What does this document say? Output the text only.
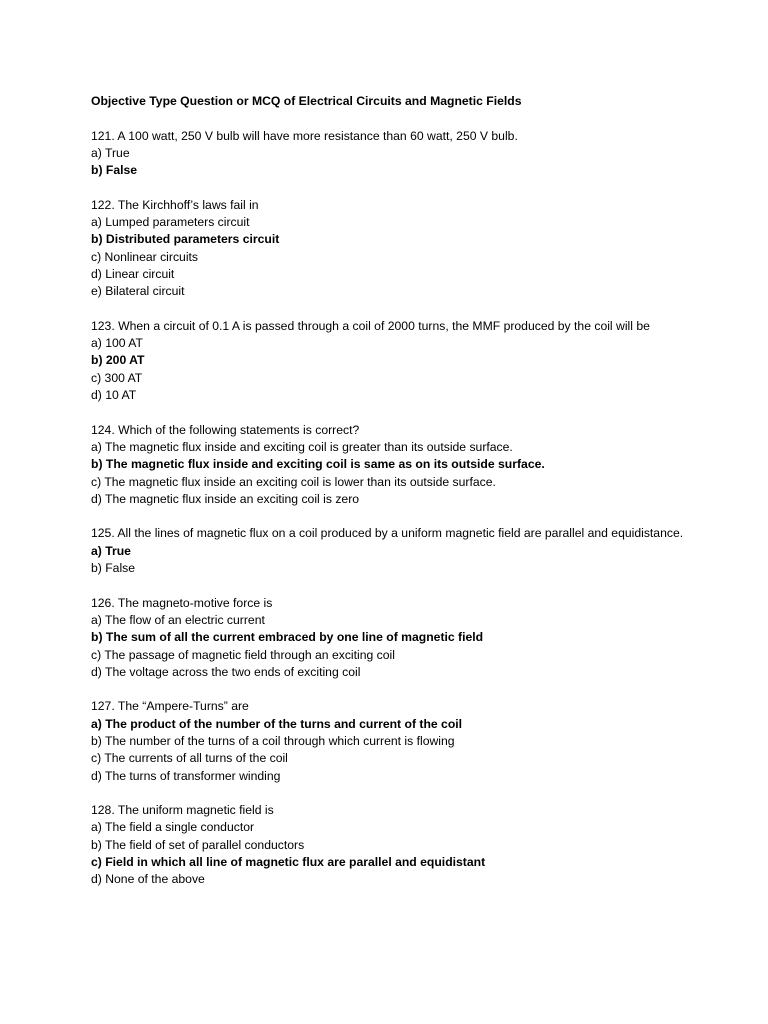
Objective Type Question or MCQ of Electrical Circuits and Magnetic Fields
121. A 100 watt, 250 V bulb will have more resistance than 60 watt, 250 V bulb.
a) True
b) False
122. The Kirchhoff’s laws fail in
a) Lumped parameters circuit
b) Distributed parameters circuit
c) Nonlinear circuits
d) Linear circuit
e) Bilateral circuit
123. When a circuit of 0.1 A is passed through a coil of 2000 turns, the MMF produced by the coil will be
a) 100 AT
b) 200 AT
c) 300 AT
d) 10 AT
124. Which of the following statements is correct?
a) The magnetic flux inside and exciting coil is greater than its outside surface.
b) The magnetic flux inside and exciting coil is same as on its outside surface.
c) The magnetic flux inside an exciting coil is lower than its outside surface.
d) The magnetic flux inside an exciting coil is zero
125. All the lines of magnetic flux on a coil produced by a uniform magnetic field are parallel and equidistance.
a) True
b) False
126. The magneto-motive force is
a) The flow of an electric current
b) The sum of all the current embraced by one line of magnetic field
c) The passage of magnetic field through an exciting coil
d) The voltage across the two ends of exciting coil
127. The “Ampere-Turns” are
a) The product of the number of the turns and current of the coil
b) The number of the turns of a coil through which current is flowing
c) The currents of all turns of the coil
d) The turns of transformer winding
128. The uniform magnetic field is
a) The field a single conductor
b) The field of set of parallel conductors
c) Field in which all line of magnetic flux are parallel and equidistant
d) None of the above
